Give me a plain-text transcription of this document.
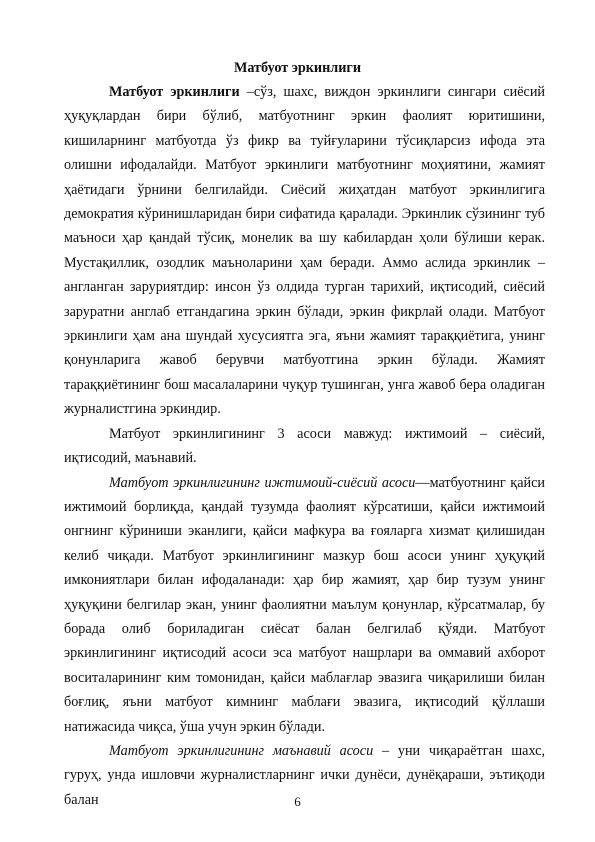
Матбуот эркинлиги

Матбуот эркинлиги –сўз, шахс, виждон эркинлиги сингари сиёсий ҳуқуқлардан бири бўлиб, матбуотнинг эркин фаолият юритишини, кишиларнинг матбуотда ўз фикр ва туйғуларини тўсиқларсиз ифода эта олишни ифодалайди. Матбуот эркинлиги матбуотнинг моҳиятини, жамият ҳаётидаги ўрнини белгилайди. Сиёсий жиҳатдан матбуот эркинлигига демократия кўринишларидан бири сифатида қаралади. Эркинлик сўзининг туб маъноси ҳар қандай тўсиқ, монелик ва шу кабилардан ҳоли бўлиши керак. Мустақиллик, озодлик маъноларини ҳам беради. Аммо аслида эркинлик – англанган заруриятдир: инсон ўз олдида турган тарихий, иқтисодий, сиёсий заруратни англаб етгандагина эркин бўлади, эркин фикрлай олади. Матбуот эркинлиги ҳам ана шундай хусусиятга эга, яъни жамият тараққиётига, унинг қонунларига жавоб берувчи матбуотгина эркин бўлади. Жамият тараққиётининг бош масалаларини чуқур тушинган, унга жавоб бера оладиган журналистгина эркиндир.

Матбуот эркинлигининг 3 асоси мавжуд: ижтимоий – сиёсий, иқтисодий, маънавий.

Матбуот эркинлигининг ижтимоий-сиёсий асоси—матбуотнинг қайси ижтимоий борлиқда, қандай тузумда фаолият кўрсатиши, қайси ижтимоий онгнинг кўриниши эканлиги, қайси мафкура ва ғояларга хизмат қилишидан келиб чиқади. Матбуот эркинлигининг мазкур бош асоси унинг ҳуқуқий имкониятлари билан ифодаланади: ҳар бир жамият, ҳар бир тузум унинг ҳуқуқини белгилар экан, унинг фаолиятни маълум қонунлар, кўрсатмалар, бу борада олиб бориладиган сиёсат балан белгилаб қўяди. Матбуот эркинлигининг иқтисодий асоси эса матбуот нашрлари ва оммавий ахборот воситаларининг ким томонидан, қайси маблағлар эвазига чиқарилиши билан боғлиқ, яъни матбуот кимнинг маблағи эвазига, иқтисодий қўллаши натижасида чиқса, ўша учун эркин бўлади.

Матбуот эркинлигининг маънавий асоси – уни чиқараётган шахс, гуруҳ, унда ишловчи журналистларнинг ички дунёси, дунёқараши, эътиқоди балан	6
